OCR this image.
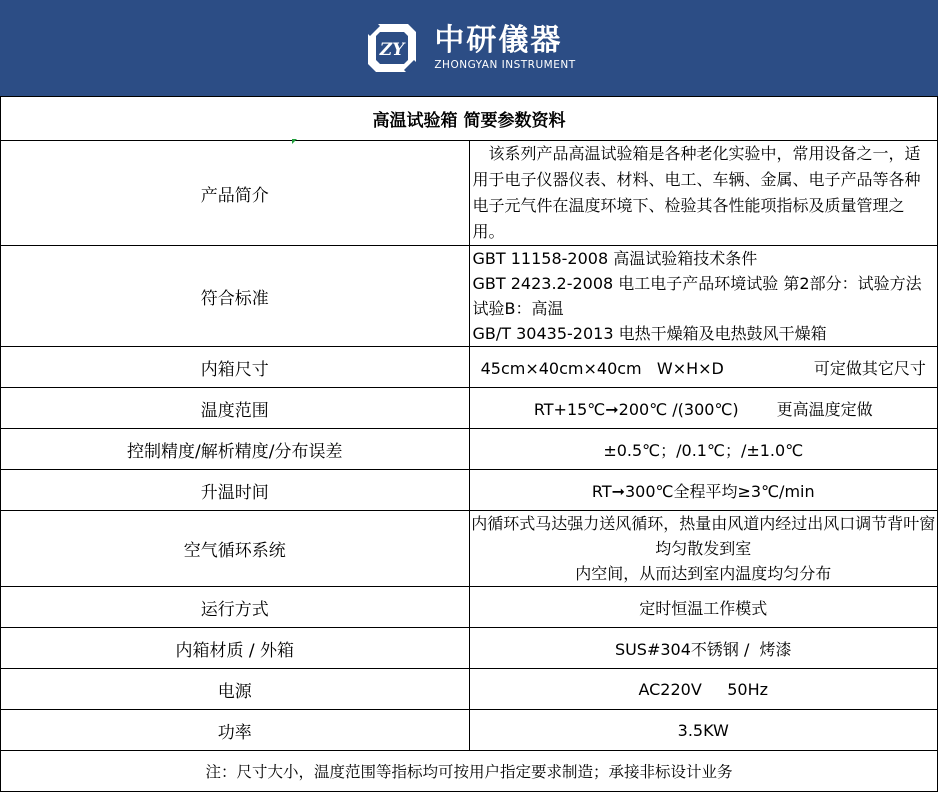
ZY 中研儀器
ZHONGYAN INSTRUMENT
高温试验箱 简要参数资料	
产品简介	　该系列产品高温试验箱是各种老化实验中，常用设备之一，适用于电子仪器仪表、材料、电工、车辆、金属、电子产品等各种电子元气件在温度环境下、检验其各性能项指标及质量管理之用。
符合标准	GBT 11158-2008 高温试验箱技术条件
GBT 2423.2-2008 电工电子产品环境试验 第2部分：试验方法 试验B：高温
GB/T 30435-2013 电热干燥箱及电热鼓风干燥箱

内箱尺寸	45cm×40cm×40cm   W×H×D 可定做其它尺寸
温度范围	RT+15℃➞200℃ /(300℃) 更高温度定做
控制精度/解析精度/分布误差	±0.5℃；/0.1℃；/±1.0℃
升温时间	RT➞300℃全程平均≥3℃/min
空气循环系统	内循环式马达强力送风循环，热量由风道内经过出风口调节背叶窗均匀散发到室
内空间，从而达到室内温度均匀分布

运行方式	定时恒温工作模式
内箱材质 / 外箱	SUS#304不锈钢 /  烤漆
电源	AC220V     50Hz
功率	3.5KW
注：尺寸大小，温度范围等指标均可按用户指定要求制造；承接非标设计业务	
